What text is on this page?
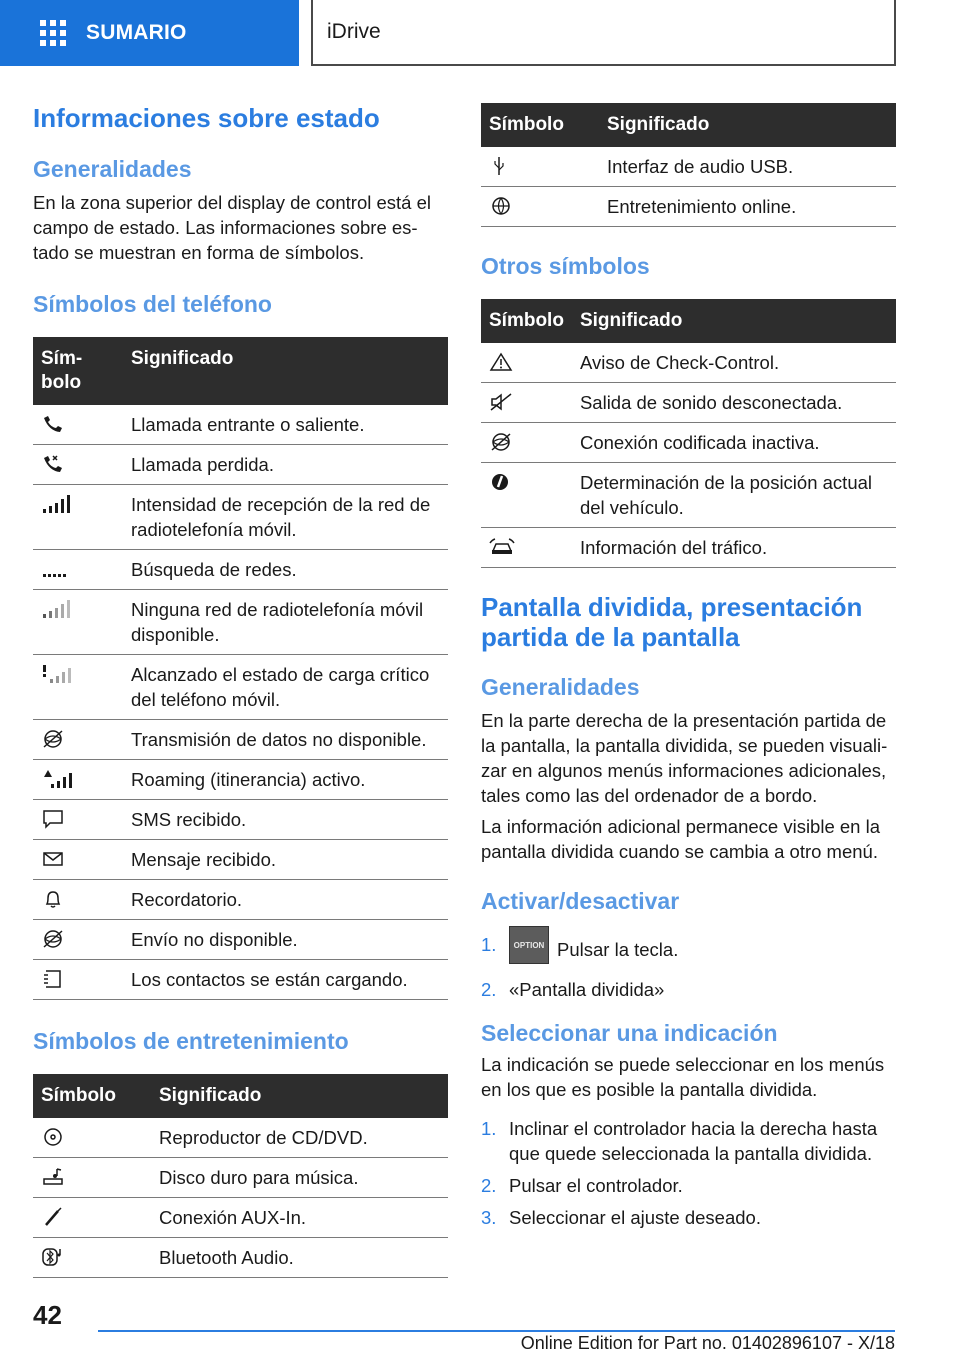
SUMARIO	iDrive
Informaciones sobre estado
Generalidades

En la zona superior del display de control está el campo de estado. Las informaciones sobre es-tado se muestran en forma de símbolos.

Símbolos del teléfono
Sím-bolo	Significado

	Llamada entrante o saliente.

	Llamada perdida.

	Intensidad de recepción de la red de radiotelefonía móvil.

	Búsqueda de redes.

	Ninguna red de radiotelefonía móvil disponible.

	Alcanzado el estado de carga crítico del teléfono móvil.

	Transmisión de datos no disponible.

	Roaming (itinerancia) activo.

	SMS recibido.

	Mensaje recibido.

	Recordatorio.

	Envío no disponible.

	Los contactos se están cargando.
Símbolos de entretenimiento
Símbolo	Significado

	Reproductor de CD/DVD.

	Disco duro para música.

	Conexión AUX-In.

	Bluetooth Audio.
Símbolo	Significado

	Interfaz de audio USB.

	Entretenimiento online.
Otros símbolos
Símbolo	Significado

	Aviso de Check-Control.

	Salida de sonido desconectada.

	Conexión codificada inactiva.

	Determinación de la posición actual del vehículo.

	Información del tráfico.
Pantalla dividida, presentación partida de la pantalla
Generalidades

En la parte derecha de la presentación partida de la pantalla, la pantalla dividida, se pueden visuali-zar en algunos menús informaciones adicionales, tales como las del ordenador de a bordo.

La información adicional permanece visible en la pantalla dividida cuando se cambia a otro menú.

Activar/desactivar
1.	OPTION Pulsar la tecla.
2. «Pantalla dividida»
Seleccionar una indicación

La indicación se puede seleccionar en los menús en los que es posible la pantalla dividida.

1. Inclinar el controlador hacia la derecha hasta que quede seleccionada la pantalla dividida.
2. Pulsar el controlador.
3. Seleccionar el ajuste deseado.
42
Online Edition for Part no. 01402896107 - X/18
